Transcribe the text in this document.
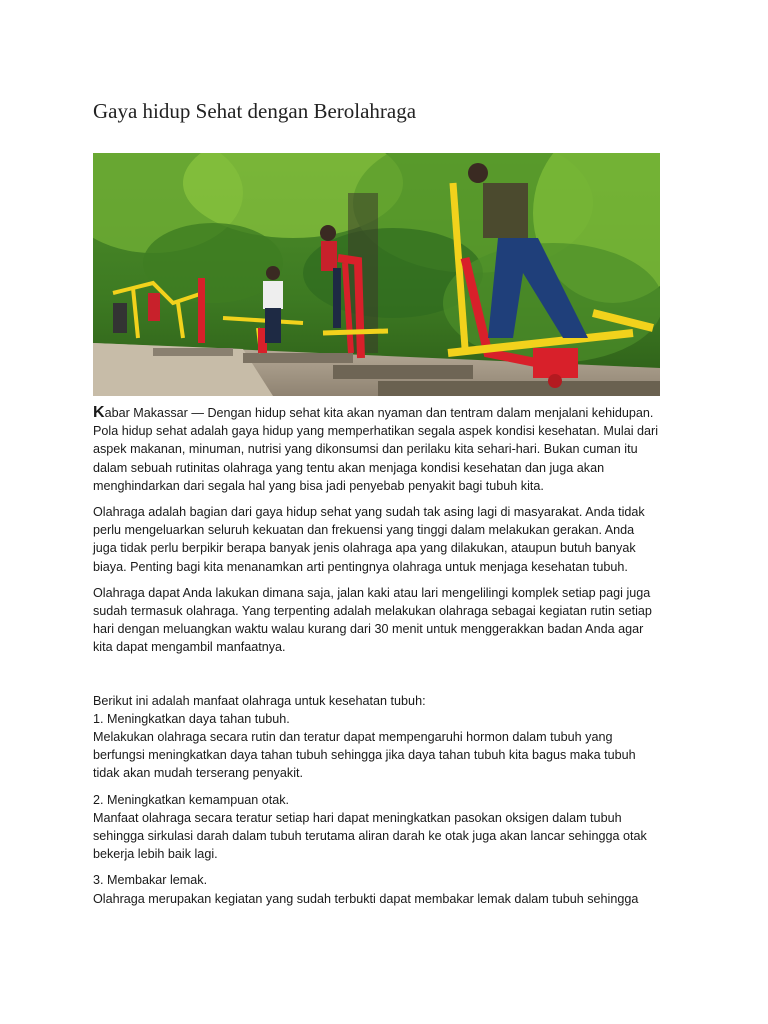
Gaya hidup Sehat dengan Berolahraga

Kabar Makassar — Dengan hidup sehat kita akan nyaman dan tentram dalam menjalani kehidupan.
Pola hidup sehat adalah gaya hidup yang memperhatikan segala aspek kondisi kesehatan. Mulai dari
aspek makanan, minuman, nutrisi yang dikonsumsi dan perilaku kita sehari-hari. Bukan cuman itu
dalam sebuah rutinitas olahraga yang tentu akan menjaga kondisi kesehatan dan juga akan
menghindarkan dari segala hal yang bisa jadi penyebab penyakit bagi tubuh kita.

Olahraga adalah bagian dari gaya hidup sehat yang sudah tak asing lagi di masyarakat. Anda tidak
perlu mengeluarkan seluruh kekuatan dan frekuensi yang tinggi dalam melakukan gerakan. Anda
juga tidak perlu berpikir berapa banyak jenis olahraga apa yang dilakukan, ataupun butuh banyak
biaya. Penting bagi kita menanamkan arti pentingnya olahraga untuk menjaga kesehatan tubuh.

Olahraga dapat Anda lakukan dimana saja, jalan kaki atau lari mengelilingi komplek setiap pagi juga
sudah termasuk olahraga. Yang terpenting adalah melakukan olahraga sebagai kegiatan rutin setiap
hari dengan meluangkan waktu walau kurang dari 30 menit untuk menggerakkan badan Anda agar
kita dapat mengambil manfaatnya.

Berikut ini adalah manfaat olahraga untuk kesehatan tubuh:

1. Meningkatkan daya tahan tubuh.

Melakukan olahraga secara rutin dan teratur dapat mempengaruhi hormon dalam tubuh yang
berfungsi meningkatkan daya tahan tubuh sehingga jika daya tahan tubuh kita bagus maka tubuh
tidak akan mudah terserang penyakit.

2. Meningkatkan kemampuan otak.

Manfaat olahraga secara teratur setiap hari dapat meningkatkan pasokan oksigen dalam tubuh
sehingga sirkulasi darah dalam tubuh terutama aliran darah ke otak juga akan lancar sehingga otak
bekerja lebih baik lagi.

3. Membakar lemak.

Olahraga merupakan kegiatan yang sudah terbukti dapat membakar lemak dalam tubuh sehingga
